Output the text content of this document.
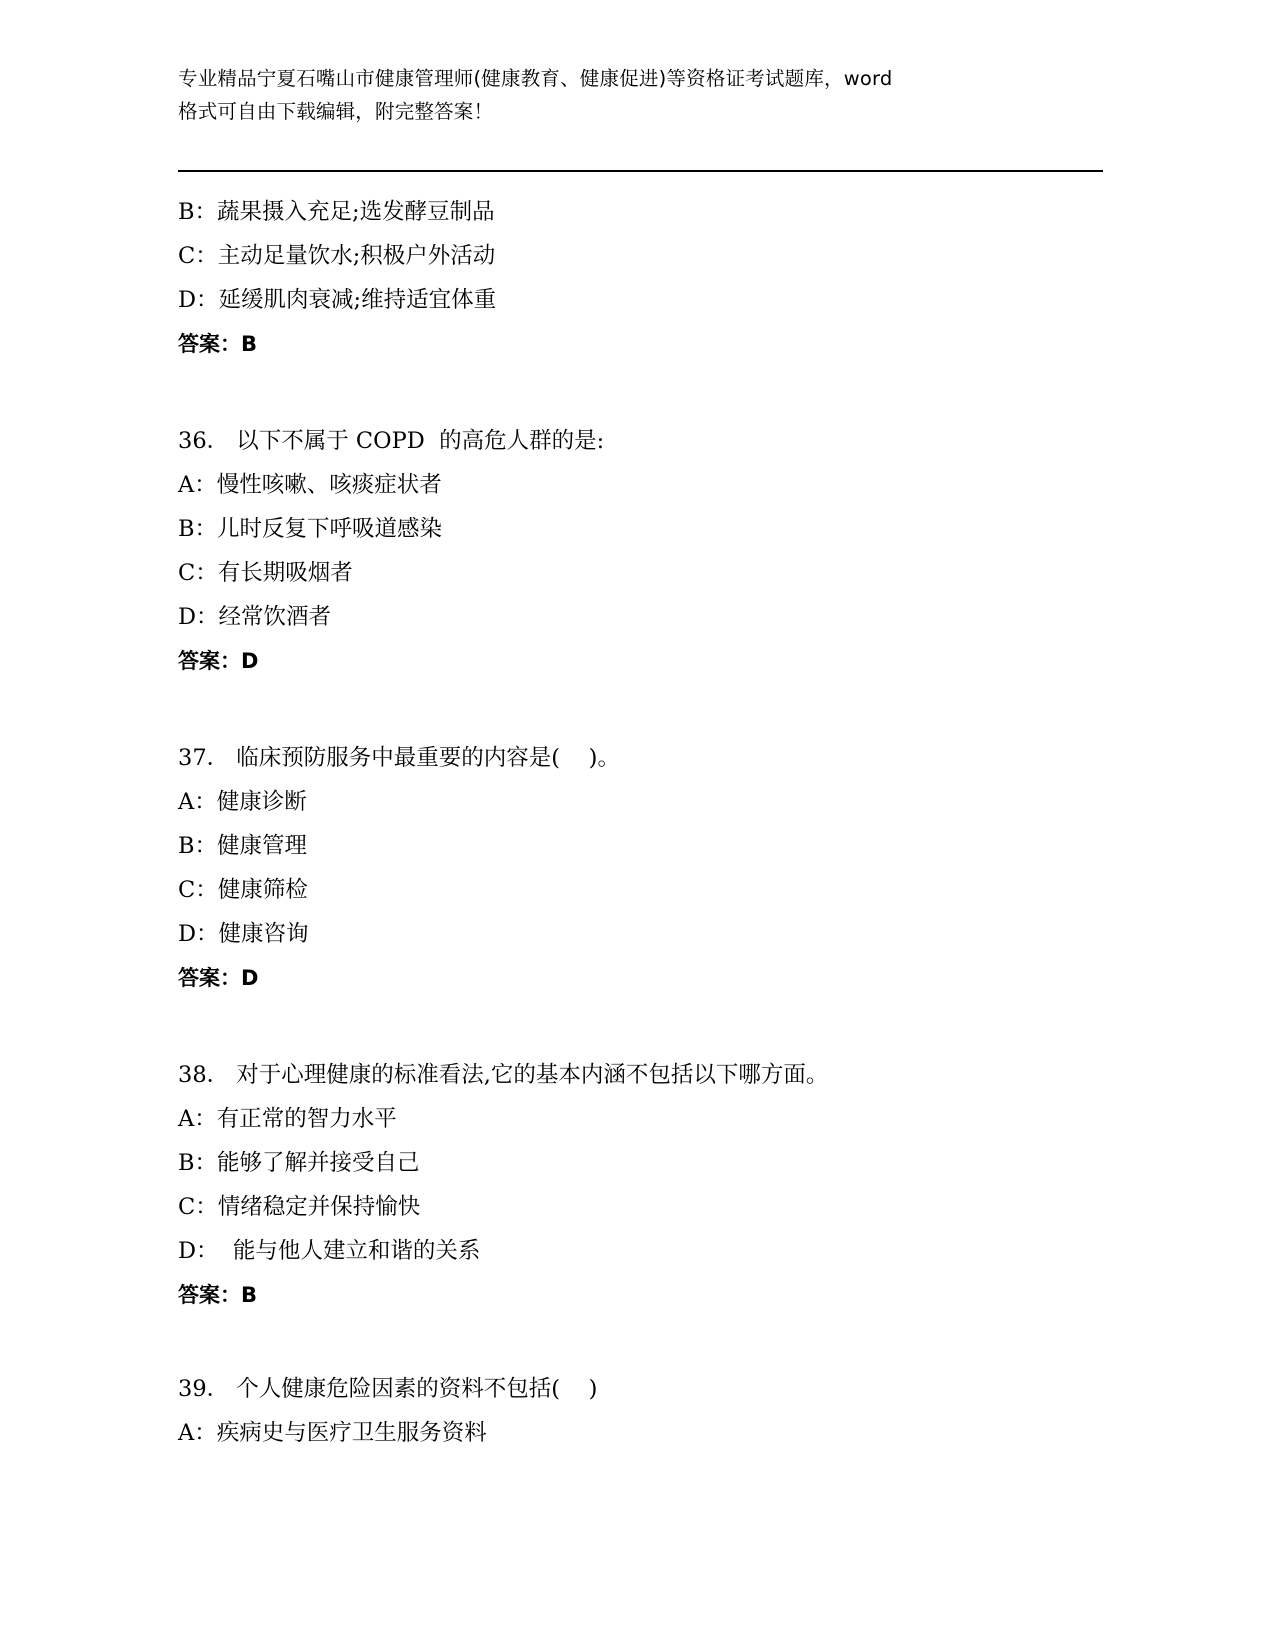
专业精品宁夏石嘴山市健康管理师(健康教育、健康促进)等资格证考试题库，word
格式可自由下载编辑，附完整答案！
B：蔬果摄入充足;选发酵豆制品
C：主动足量饮水;积极户外活动
D：延缓肌肉衰减;维持适宜体重
答案：B
36． 以下不属于 COPD  的高危人群的是:
A：慢性咳嗽、咳痰症状者
B：儿时反复下呼吸道感染
C：有长期吸烟者
D：经常饮酒者
答案：D
37． 临床预防服务中最重要的内容是(    )。
A：健康诊断
B：健康管理
C：健康筛检
D：健康咨询
答案：D
38． 对于心理健康的标准看法,它的基本内涵不包括以下哪方面。
A：有正常的智力水平
B：能够了解并接受自己
C：情绪稳定并保持愉快
D：  能与他人建立和谐的关系
答案：B
39． 个人健康危险因素的资料不包括(    )
A：疾病史与医疗卫生服务资料
